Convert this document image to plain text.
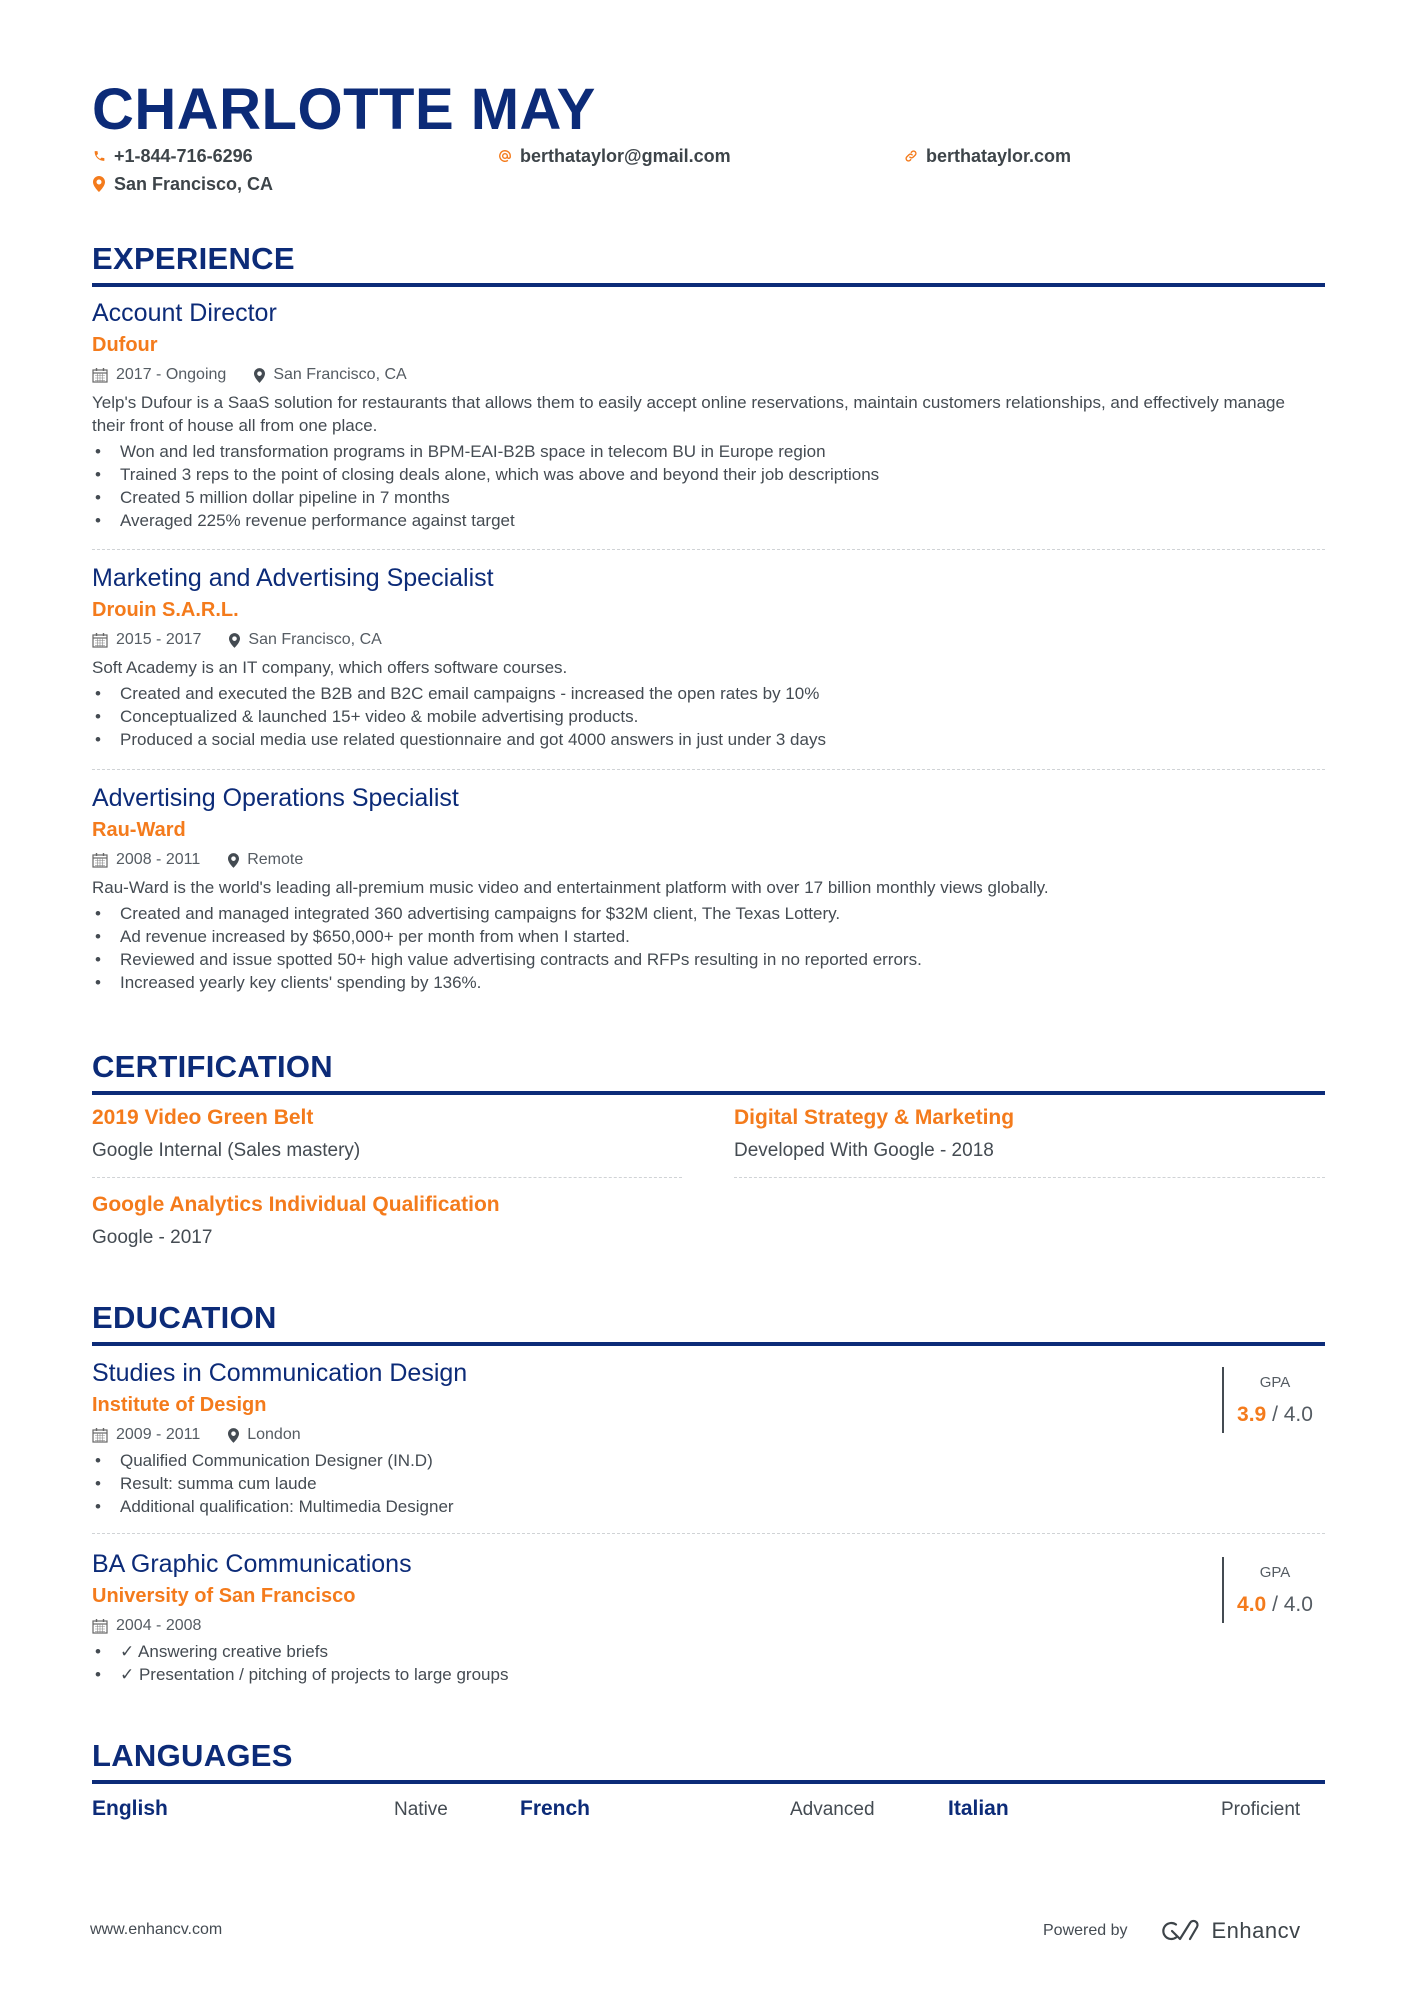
CHARLOTTE MAY
+1-844-716-6296	berthataylor@gmail.com	berthataylor.com
San Francisco, CA
EXPERIENCE
Account Director
Dufour
2017 - Ongoing	San Francisco, CA
Yelp's Dufour is a SaaS solution for restaurants that allows them to easily accept online reservations, maintain customers relationships, and effectively manage their front of house all from one place.
• Won and led transformation programs in BPM-EAI-B2B space in telecom BU in Europe region
• Trained 3 reps to the point of closing deals alone, which was above and beyond their job descriptions
• Created 5 million dollar pipeline in 7 months
• Averaged 225% revenue performance against target
Marketing and Advertising Specialist
Drouin S.A.R.L.
2015 - 2017	San Francisco, CA
Soft Academy is an IT company, which offers software courses.
• Created and executed the B2B and B2C email campaigns - increased the open rates by 10%
• Conceptualized & launched 15+ video & mobile advertising products.
• Produced a social media use related questionnaire and got 4000 answers in just under 3 days
Advertising Operations Specialist
Rau-Ward
2008 - 2011	Remote
Rau-Ward is the world's leading all-premium music video and entertainment platform with over 17 billion monthly views globally.
• Created and managed integrated 360 advertising campaigns for $32M client, The Texas Lottery.
• Ad revenue increased by $650,000+ per month from when I started.
• Reviewed and issue spotted 50+ high value advertising contracts and RFPs resulting in no reported errors.
• Increased yearly key clients' spending by 136%.
CERTIFICATION
2019 Video Green Belt
Google Internal (Sales mastery)
Digital Strategy & Marketing
Developed With Google - 2018
Google Analytics Individual Qualification
Google - 2017
EDUCATION
Studies in Communication Design
Institute of Design
2009 - 2011	London
• Qualified Communication Designer (IN.D)
• Result: summa cum laude
• Additional qualification: Multimedia Designer
GPA
3.9 / 4.0
BA Graphic Communications
University of San Francisco
2004 - 2008
• ✓ Answering creative briefs
• ✓ Presentation / pitching of projects to large groups
GPA
4.0 / 4.0
LANGUAGES
English	Native	French	Advanced	Italian	Proficient
www.enhancv.com	Powered by	Enhancv
